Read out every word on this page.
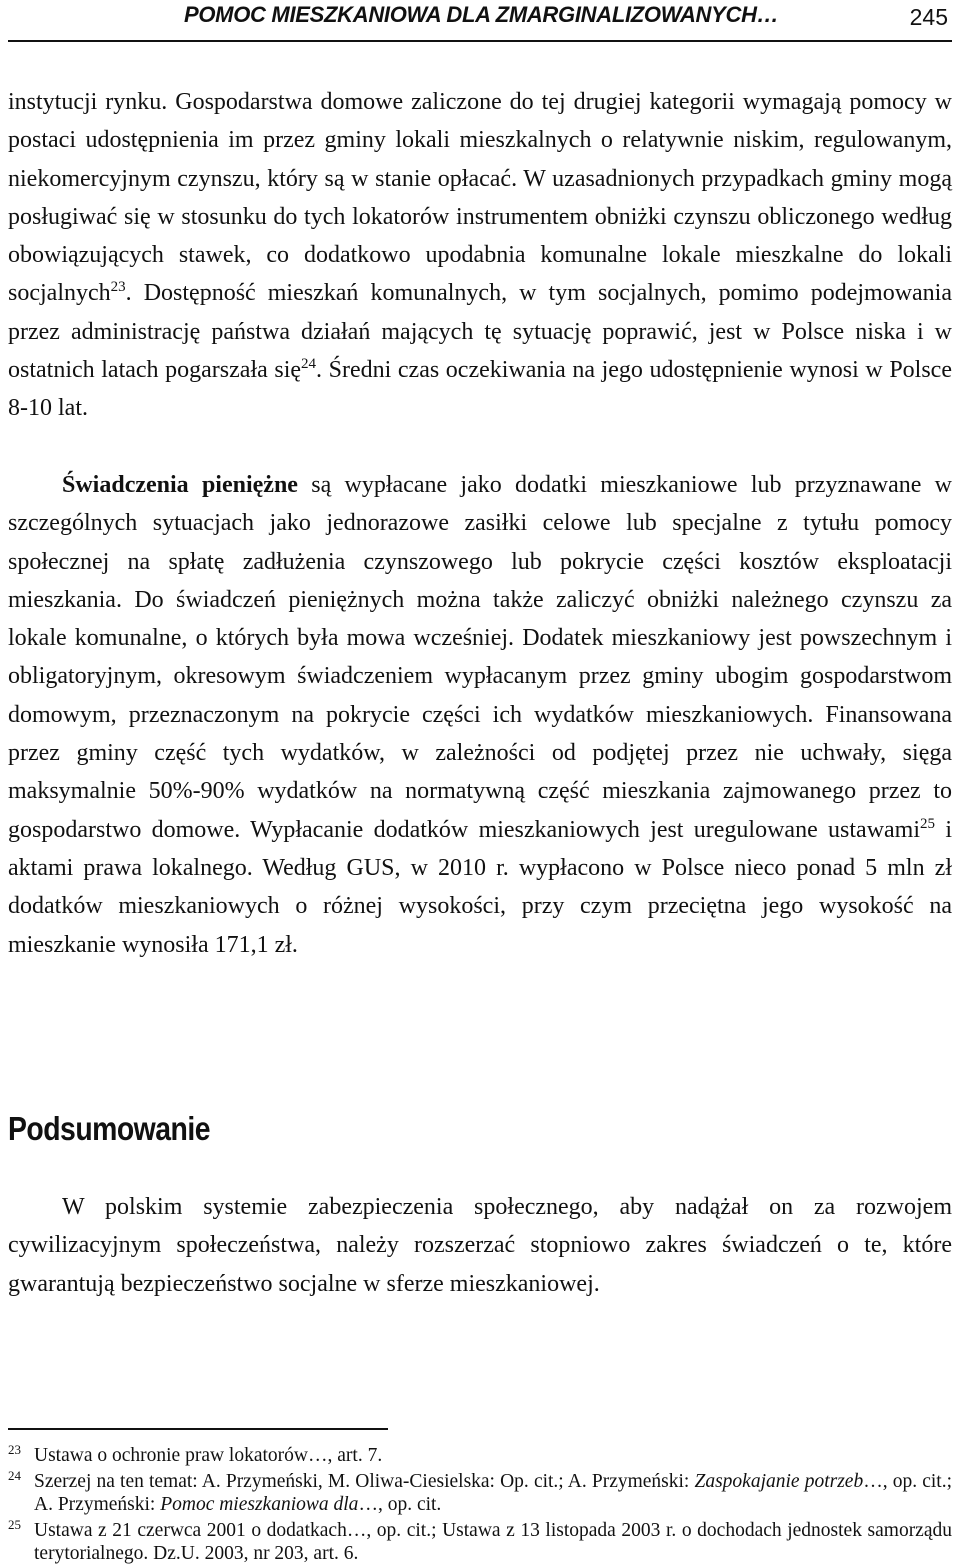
POMOC MIESZKANIOWA DLA ZMARGINALIZOWANYCH…	245

instytucji rynku. Gospodarstwa domowe zaliczone do tej drugiej kategorii wymagają pomocy w postaci udostępnienia im przez gminy lokali mieszkalnych o relatywnie niskim, regulowanym, niekomercyjnym czynszu, który są w stanie opłacać. W uzasadnionych przypadkach gminy mogą posługiwać się w stosunku do tych lokatorów instrumentem obniżki czynszu obliczonego według obowiązujących stawek, co dodatkowo upodabnia komunalne lokale mieszkalne do lokali socjalnych$^{23}$. Dostępność mieszkań komunalnych, w tym socjalnych, pomimo podejmowania przez administrację państwa działań mających tę sytuację poprawić, jest w Polsce niska i w ostatnich latach pogarszała się$^{24}$. Średni czas oczekiwania na jego udostępnienie wynosi w Polsce 8-10 lat.

Świadczenia pieniężne są wypłacane jako dodatki mieszkaniowe lub przyznawane w szczególnych sytuacjach jako jednorazowe zasiłki celowe lub specjalne z tytułu pomocy społecznej na spłatę zadłużenia czynszowego lub pokrycie części kosztów eksploatacji mieszkania. Do świadczeń pieniężnych można także zaliczyć obniżki należnego czynszu za lokale komunalne, o których była mowa wcześniej. Dodatek mieszkaniowy jest powszechnym i obligatoryjnym, okresowym świadczeniem wypłacanym przez gminy ubogim gospodarstwom domowym, przeznaczonym na pokrycie części ich wydatków mieszkaniowych. Finansowana przez gminy część tych wydatków, w zależności od podjętej przez nie uchwały, sięga maksymalnie 50%-90% wydatków na normatywną część mieszkania zajmowanego przez to gospodarstwo domowe. Wypłacanie dodatków mieszkaniowych jest uregulowane ustawami$^{25}$ i aktami prawa lokalnego. Według GUS, w 2010 r. wypłacono w Polsce nieco ponad 5 mln zł dodatków mieszkaniowych o różnej wysokości, przy czym przeciętna jego wysokość na mieszkanie wynosiła 171,1 zł.

Podsumowanie

W polskim systemie zabezpieczenia społecznego, aby nadążał on za rozwojem cywilizacyjnym społeczeństwa, należy rozszerzać stopniowo zakres świadczeń o te, które gwarantują bezpieczeństwo socjalne w sferze mieszkaniowej.

23 Ustawa o ochronie praw lokatorów…, art. 7.
24 Szerzej na ten temat: A. Przymeński, M. Oliwa-Ciesielska: Op. cit.; A. Przymeński: Zaspokajanie potrzeb…, op. cit.; A. Przymeński: Pomoc mieszkaniowa dla…, op. cit.
25 Ustawa z 21 czerwca 2001 o dodatkach…, op. cit.; Ustawa z 13 listopada 2003 r. o dochodach jednostek samorządu terytorialnego. Dz.U. 2003, nr 203, art. 6.
